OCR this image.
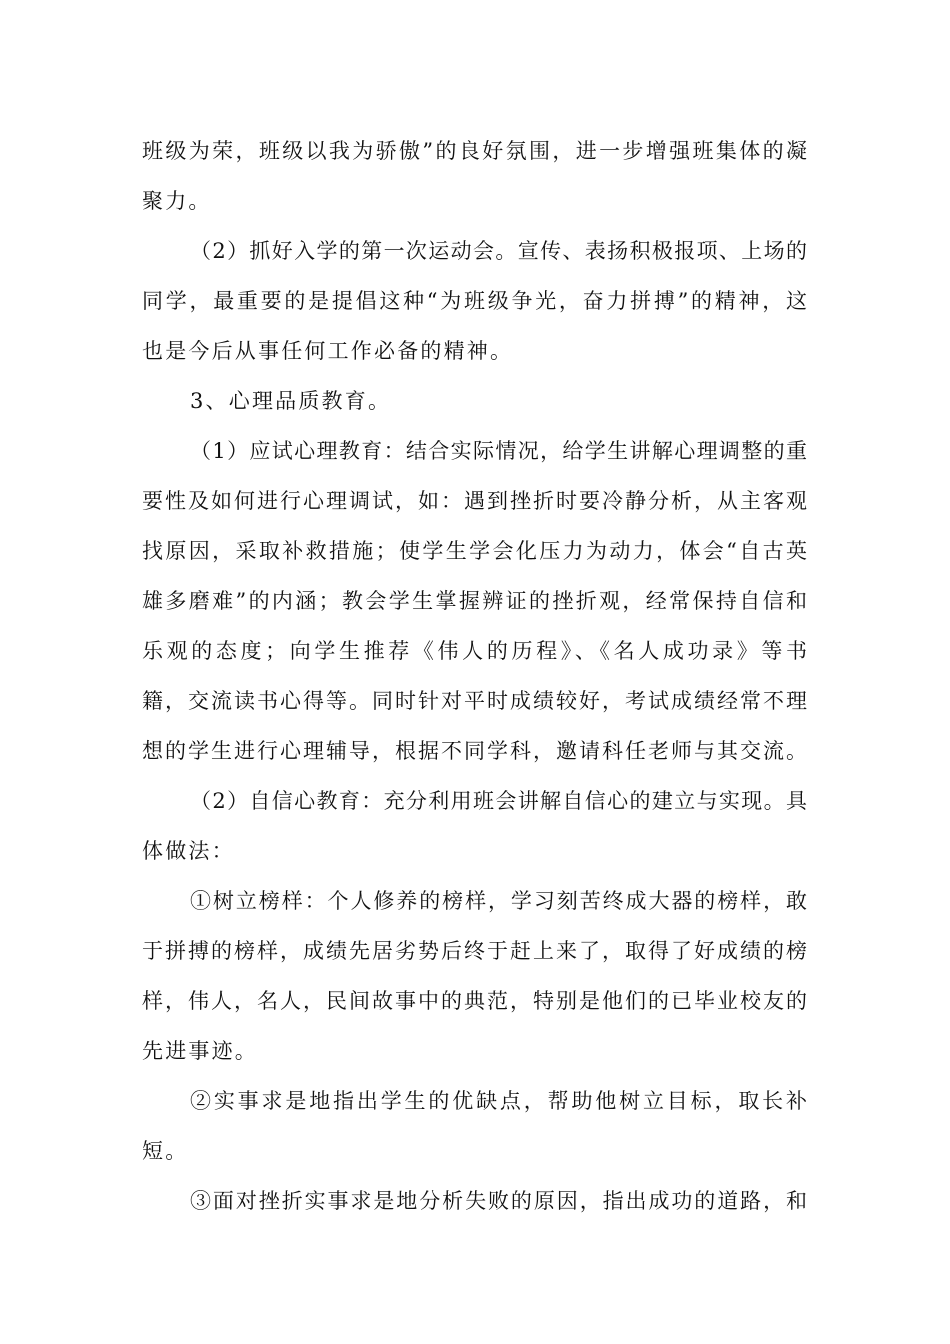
班级为荣，班级以我为骄傲”的良好氛围，进一步增强班集体的凝
聚力。
（2）抓好入学的第一次运动会。宣传、表扬积极报项、上场的
同学，最重要的是提倡这种“为班级争光，奋力拼搏”的精神，这
也是今后从事任何工作必备的精神。
3、心理品质教育。
（1）应试心理教育：结合实际情况，给学生讲解心理调整的重
要性及如何进行心理调试，如：遇到挫折时要冷静分析，从主客观
找原因，采取补救措施；使学生学会化压力为动力，体会“自古英
雄多磨难”的内涵；教会学生掌握辨证的挫折观，经常保持自信和
乐观的态度；向学生推荐《伟人的历程》、《名人成功录》等书
籍，交流读书心得等。同时针对平时成绩较好，考试成绩经常不理
想的学生进行心理辅导，根据不同学科，邀请科任老师与其交流。
（2）自信心教育：充分利用班会讲解自信心的建立与实现。具
体做法：
①树立榜样：个人修养的榜样，学习刻苦终成大器的榜样，敢
于拼搏的榜样，成绩先居劣势后终于赶上来了，取得了好成绩的榜
样，伟人，名人，民间故事中的典范，特别是他们的已毕业校友的
先进事迹。
②实事求是地指出学生的优缺点，帮助他树立目标，取长补
短。
③面对挫折实事求是地分析失败的原因，指出成功的道路，和
